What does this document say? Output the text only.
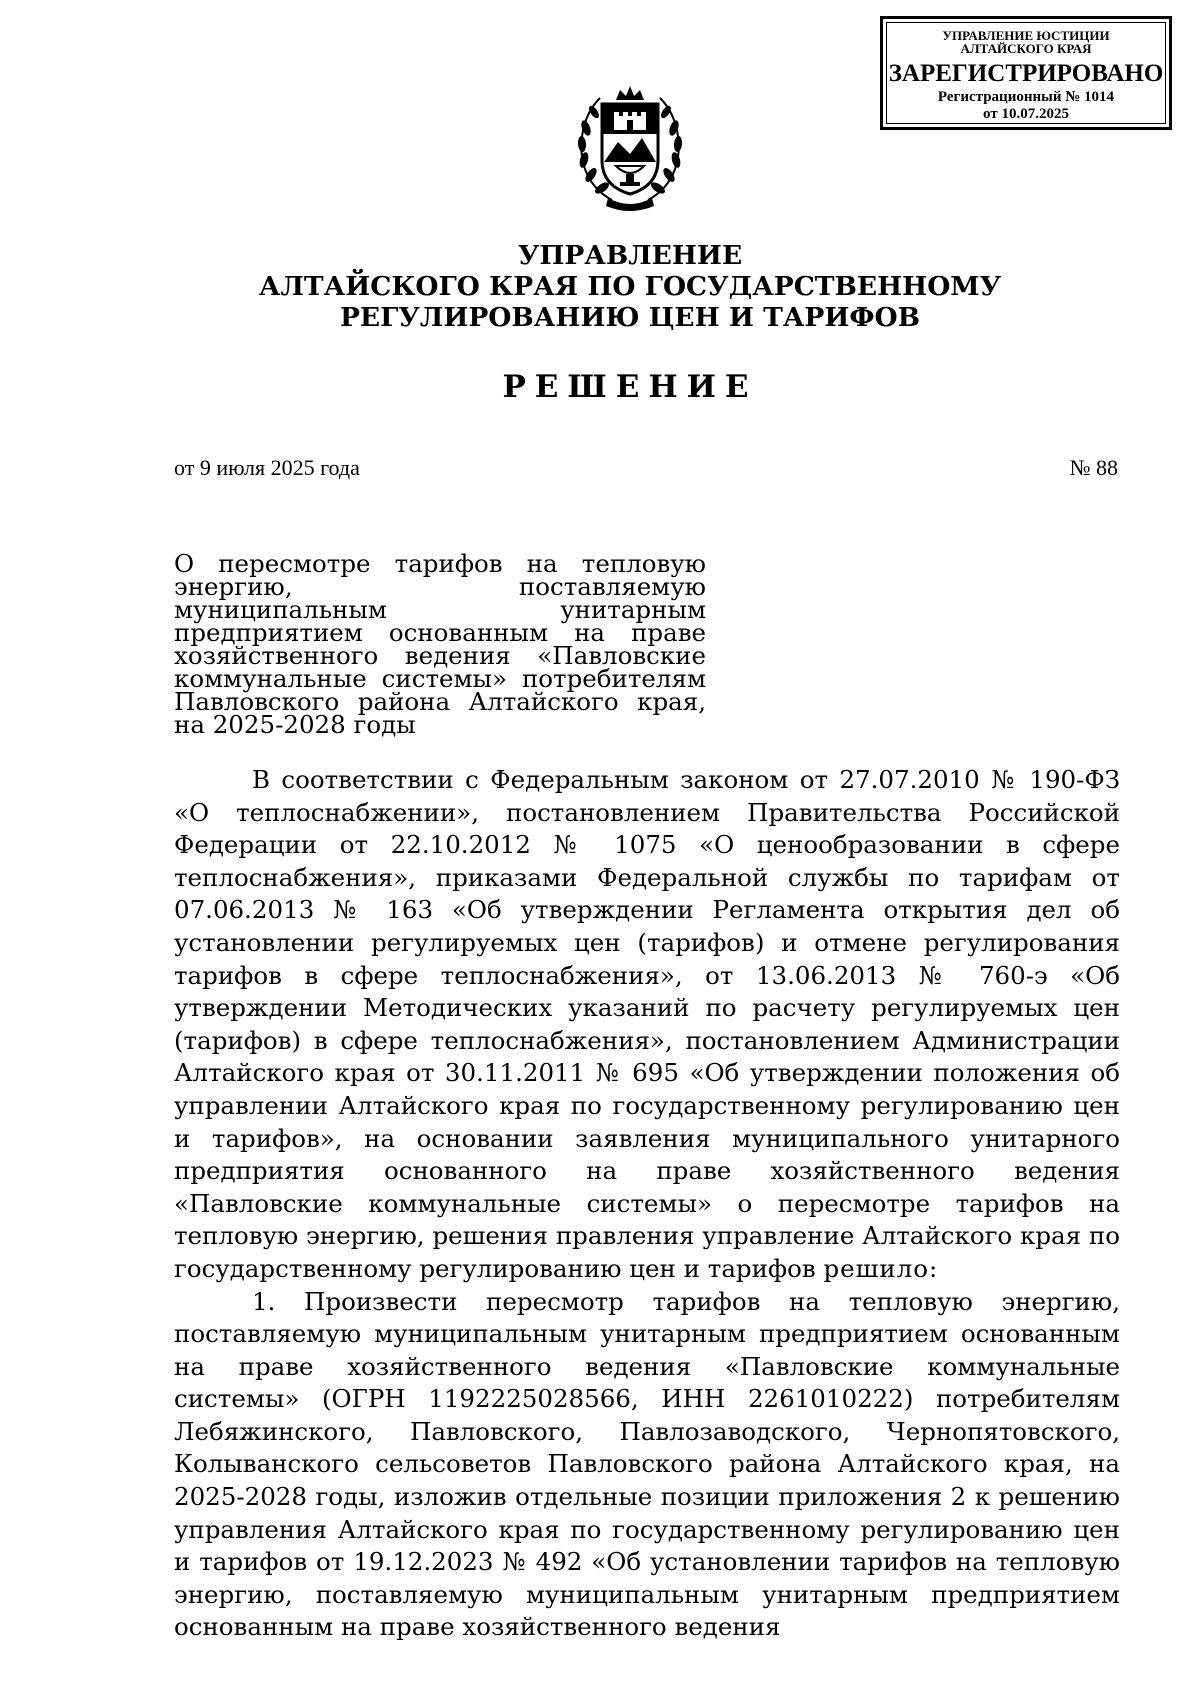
УПРАВЛЕНИЕ ЮСТИЦИИ
АЛТАЙСКОГО КРАЯ
ЗАРЕГИСТРИРОВАНО
Регистрационный № 1014
от 10.07.2025
УПРАВЛЕНИЕ
АЛТАЙСКОГО КРАЯ ПО ГОСУДАРСТВЕННОМУ
РЕГУЛИРОВАНИЮ ЦЕН И ТАРИФОВ
РЕШЕНИЕ
от 9 июля 2025 года	№ 88
О пересмотре тарифов на тепловую энергию, поставляемую муниципальным унитарным предприятием основанным на праве хозяйственного ведения «Павловские коммунальные системы» потребителям Павловского района Алтайского края, на 2025-2028 годы

В соответствии с Федеральным законом от 27.07.2010 № 190-ФЗ «О теплоснабжении», постановлением Правительства Российской Федерации от 22.10.2012 № 1075 «О ценообразовании в сфере теплоснабжения», приказами Федеральной службы по тарифам от 07.06.2013 № 163 «Об утверждении Регламента открытия дел об установлении регулируемых цен (тарифов) и отмене регулирования тарифов в сфере теплоснабжения», от 13.06.2013 № 760-э «Об утверждении Методических указаний по расчету регулируемых цен (тарифов) в сфере теплоснабжения», постановлением Администрации Алтайского края от 30.11.2011 № 695 «Об утверждении положения об управлении Алтайского края по государственному регулированию цен и тарифов», на основании заявления муниципального унитарного предприятия основанного на праве хозяйственного ведения «Павловские коммунальные системы» о пересмотре тарифов на тепловую энергию, решения правления управление Алтайского края по государственному регулированию цен и тарифов решило:

1. Произвести пересмотр тарифов на тепловую энергию, поставляемую муниципальным унитарным предприятием основанным на праве хозяйственного ведения «Павловские коммунальные системы» (ОГРН 1192225028566, ИНН 2261010222) потребителям Лебяжинского, Павловского, Павлозаводского, Чернопятовского, Колыванского сельсоветов Павловского района Алтайского края, на 2025-2028 годы, изложив отдельные позиции приложения 2 к решению управления Алтайского края по государственному регулированию цен и тарифов от 19.12.2023 № 492 «Об установлении тарифов на тепловую энергию, поставляемую муниципальным унитарным предприятием основанным на праве хозяйственного ведения
